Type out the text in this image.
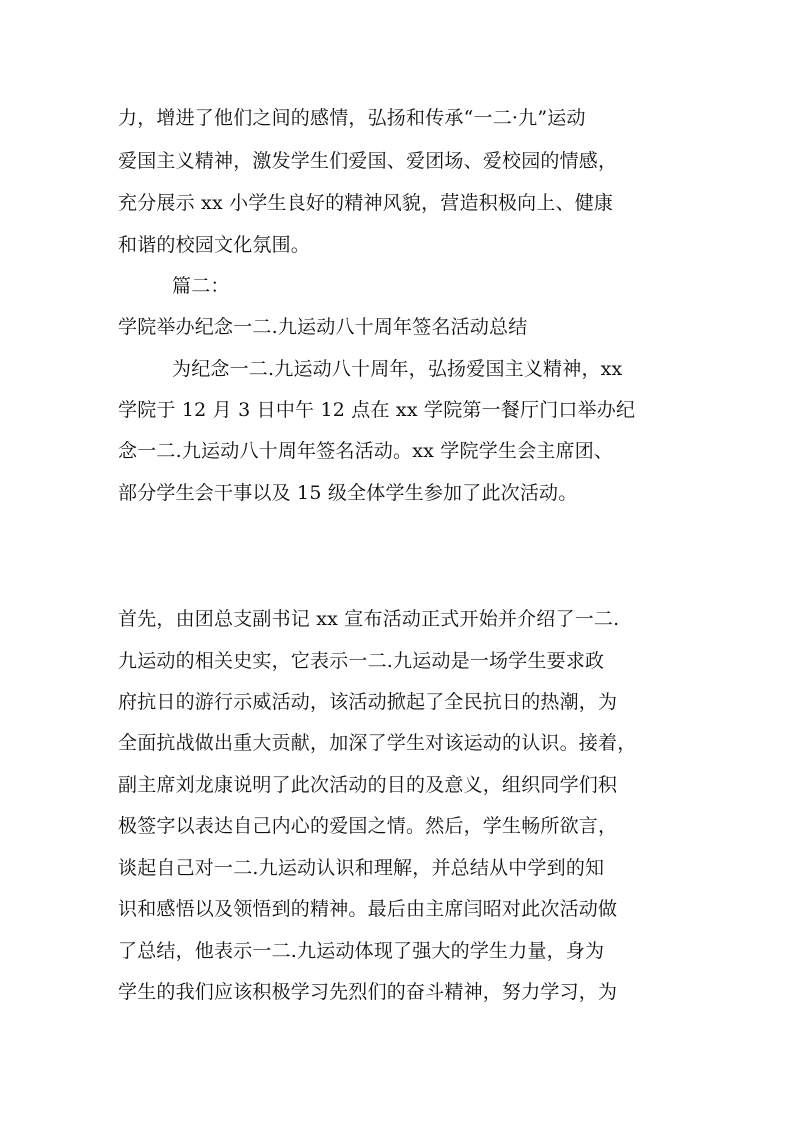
力，增进了他们之间的感情，弘扬和传承“一二·九”运动
爱国主义精神，激发学生们爱国、爱团场、爱校园的情感，
充分展示 xx 小学生良好的精神风貌，营造积极向上、健康
和谐的校园文化氛围。
篇二：
学院举办纪念一二.九运动八十周年签名活动总结
为纪念一二.九运动八十周年，弘扬爱国主义精神，xx
学院于 12 月 3 日中午 12 点在 xx 学院第一餐厅门口举办纪
念一二.九运动八十周年签名活动。xx 学院学生会主席团、
部分学生会干事以及 15 级全体学生参加了此次活动。
首先，由团总支副书记 xx 宣布活动正式开始并介绍了一二.
九运动的相关史实，它表示一二.九运动是一场学生要求政
府抗日的游行示威活动，该活动掀起了全民抗日的热潮，为
全面抗战做出重大贡献，加深了学生对该运动的认识。接着，
副主席刘龙康说明了此次活动的目的及意义，组织同学们积
极签字以表达自己内心的爱国之情。然后，学生畅所欲言，
谈起自己对一二.九运动认识和理解，并总结从中学到的知
识和感悟以及领悟到的精神。最后由主席闫昭对此次活动做
了总结，他表示一二.九运动体现了强大的学生力量，身为
学生的我们应该积极学习先烈们的奋斗精神，努力学习，为
